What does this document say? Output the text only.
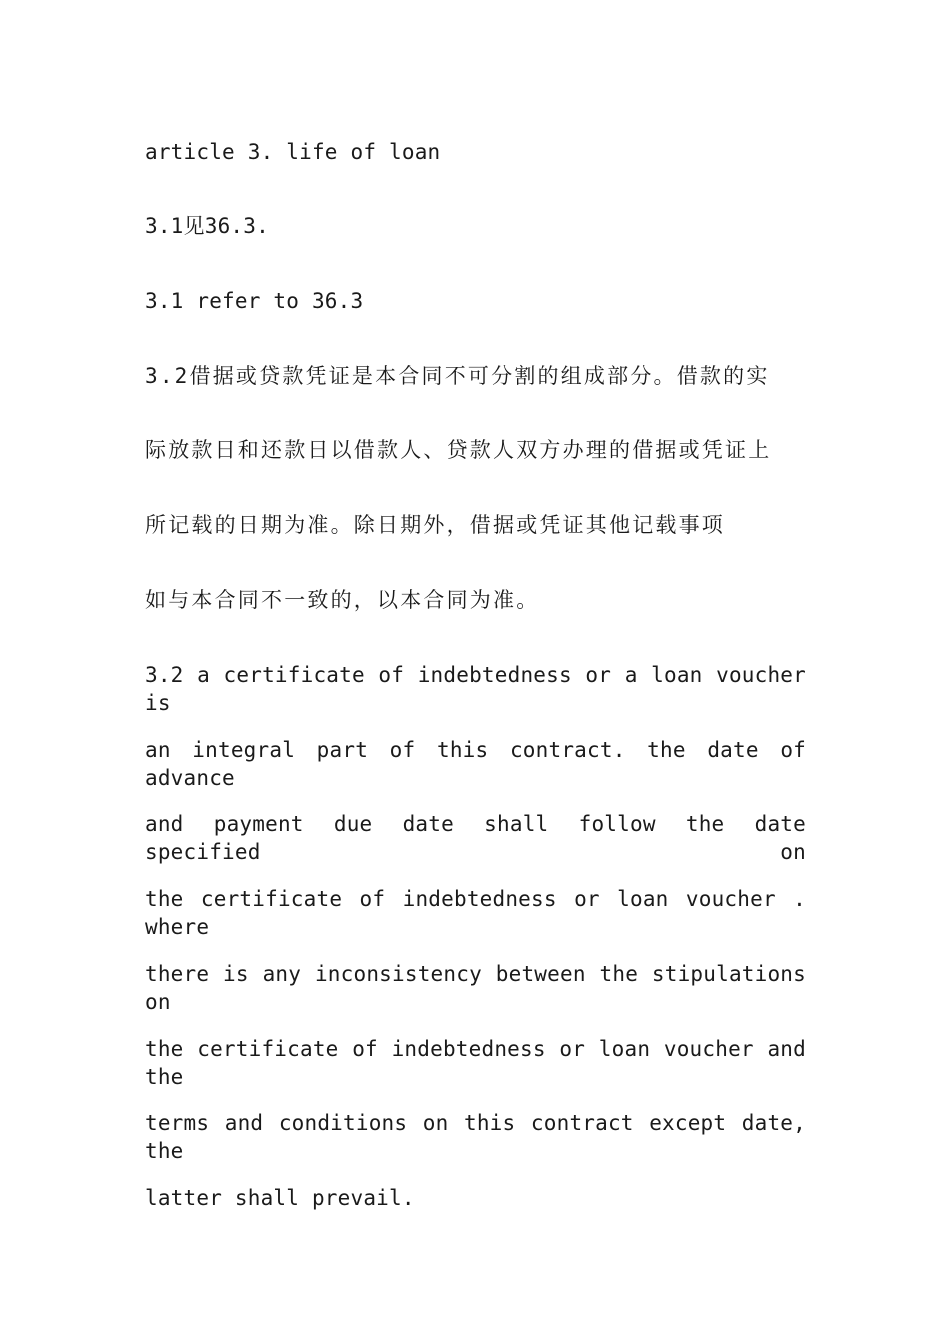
article 3. life of loan

3.1见36.3.

3.1 refer to 36.3

3.2借据或贷款凭证是本合同不可分割的组成部分。借款的实

际放款日和还款日以借款人、贷款人双方办理的借据或凭证上

所记载的日期为准。除日期外，借据或凭证其他记载事项

如与本合同不一致的，以本合同为准。

3.2 a certificate of indebtedness or a loan voucher is

an integral part of this contract. the date of advance

and payment due date shall follow the date specified on

the certificate of indebtedness or loan voucher . where

there is any inconsistency between the stipulations on

the certificate of indebtedness or loan voucher and the

terms and conditions on this contract except date, the

latter shall prevail.
